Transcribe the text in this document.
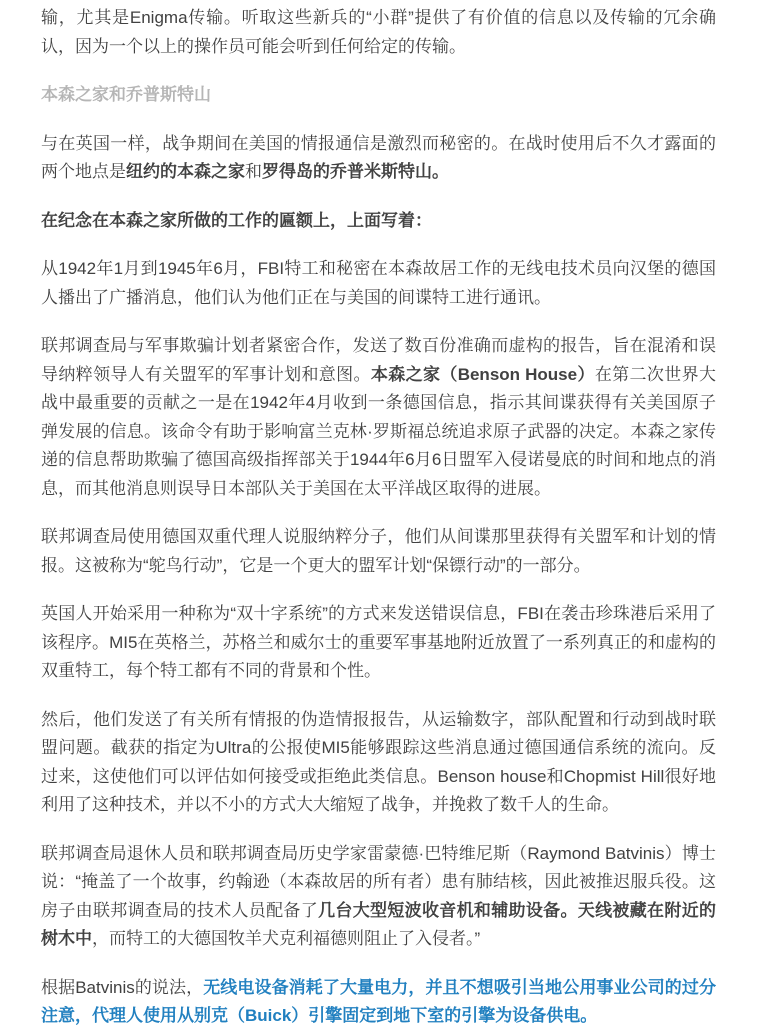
输，尤其是Enigma传输。听取这些新兵的“小群”提供了有价值的信息以及传输的冗余确认，因为一个以上的操作员可能会听到任何给定的传输。

本森之家和乔普斯特山

与在英国一样，战争期间在美国的情报通信是激烈而秘密的。在战时使用后不久才露面的两个地点是纽约的本森之家和罗得岛的乔普米斯特山。

在纪念在本森之家所做的工作的匾额上，上面写着：

从1942年1月到1945年6月，FBI特工和秘密在本森故居工作的无线电技术员向汉堡的德国人播出了广播消息，他们认为他们正在与美国的间谍特工进行通讯。

联邦调查局与军事欺骗计划者紧密合作，发送了数百份准确而虚构的报告，旨在混淆和误导纳粹领导人有关盟军的军事计划和意图。本森之家（Benson House）在第二次世界大战中最重要的贡献之一是在1942年4月收到一条德国信息，指示其间谍获得有关美国原子弹发展的信息。该命令有助于影响富兰克林·罗斯福总统追求原子武器的决定。本森之家传递的信息帮助欺骗了德国高级指挥部关于1944年6月6日盟军入侵诺曼底的时间和地点的消息，而其他消息则误导日本部队关于美国在太平洋战区取得的进展。

联邦调查局使用德国双重代理人说服纳粹分子，他们从间谍那里获得有关盟军和计划的情报。这被称为“鸵鸟行动”，它是一个更大的盟军计划“保镖行动”的一部分。

英国人开始采用一种称为“双十字系统”的方式来发送错误信息，FBI在袭击珍珠港后采用了该程序。MI5在英格兰，苏格兰和威尔士的重要军事基地附近放置了一系列真正的和虚构的双重特工，每个特工都有不同的背景和个性。

然后，他们发送了有关所有情报的伪造情报报告，从运输数字，部队配置和行动到战时联盟问题。截获的指定为Ultra的公报使MI5能够跟踪这些消息通过德国通信系统的流向。反过来，这使他们可以评估如何接受或拒绝此类信息。Benson house和Chopmist Hill很好地利用了这种技术，并以不小的方式大大缩短了战争，并挽救了数千人的生命。

联邦调查局退休人员和联邦调查局历史学家雷蒙德·巴特维尼斯（Raymond Batvinis）博士说：“掩盖了一个故事，约翰逊（本森故居的所有者）患有肺结核，因此被推迟服兵役。这房子由联邦调查局的技术人员配备了几台大型短波收音机和辅助设备。天线被藏在附近的树木中，而特工的大德国牧羊犬克利福德则阻止了入侵者。”

根据Batvinis的说法，无线电设备消耗了大量电力，并且不想吸引当地公用事业公司的过分注意，代理人使用从别克（Buick）引擎固定到地下室的引擎为设备供电。
